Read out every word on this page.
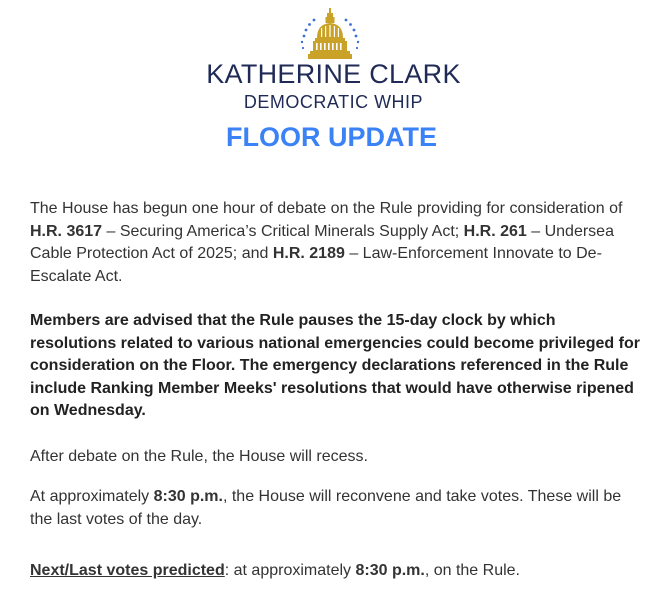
KATHERINE CLARK
DEMOCRATIC WHIP
FLOOR UPDATE

The House has begun one hour of debate on the Rule providing for consideration of H.R. 3617 – Securing America’s Critical Minerals Supply Act; H.R. 261 – Undersea Cable Protection Act of 2025; and H.R. 2189 – Law-Enforcement Innovate to De-Escalate Act.

Members are advised that the Rule pauses the 15-day clock by which resolutions related to various national emergencies could become privileged for consideration on the Floor. The emergency declarations referenced in the Rule include Ranking Member Meeks' resolutions that would have otherwise ripened on Wednesday.

After debate on the Rule, the House will recess.

At approximately 8:30 p.m., the House will reconvene and take votes. These will be the last votes of the day.

Next/Last votes predicted: at approximately 8:30 p.m., on the Rule.
